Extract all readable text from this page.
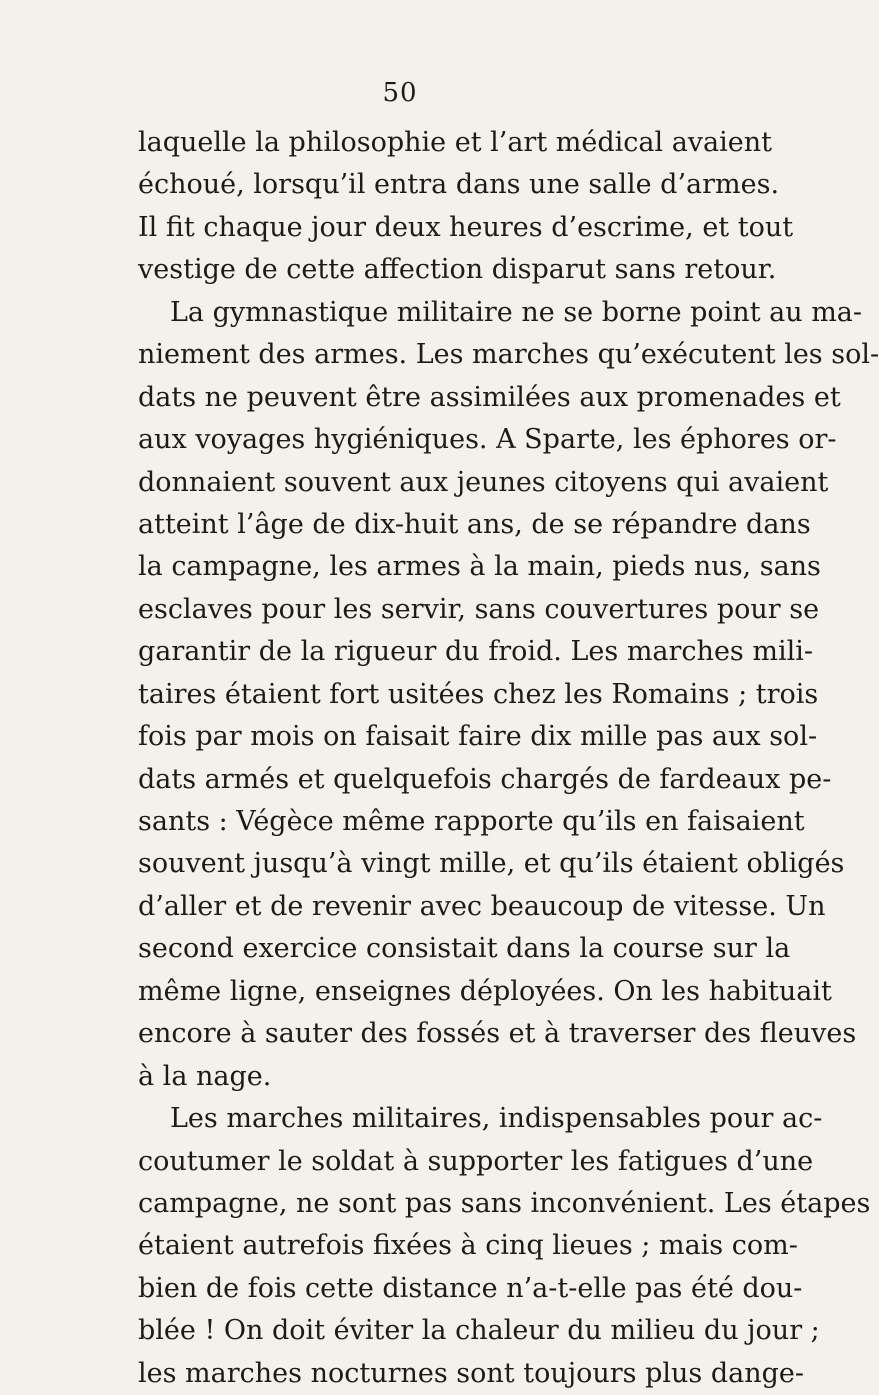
50
laquelle la philosophie et l’art médical avaient
échoué, lorsqu’il entra dans une salle d’armes.
Il fit chaque jour deux heures d’escrime, et tout
vestige de cette affection disparut sans retour.
La gymnastique militaire ne se borne point au ma-
niement des armes. Les marches qu’exécutent les sol-
dats ne peuvent être assimilées aux promenades et
aux voyages hygiéniques. A Sparte, les éphores or-
donnaient souvent aux jeunes citoyens qui avaient
atteint l’âge de dix-huit ans, de se répandre dans
la campagne, les armes à la main, pieds nus, sans
esclaves pour les servir, sans couvertures pour se
garantir de la rigueur du froid. Les marches mili-
taires étaient fort usitées chez les Romains ; trois
fois par mois on faisait faire dix mille pas aux sol-
dats armés et quelquefois chargés de fardeaux pe-
sants : Végèce même rapporte qu’ils en faisaient
souvent jusqu’à vingt mille, et qu’ils étaient obligés
d’aller et de revenir avec beaucoup de vitesse. Un
second exercice consistait dans la course sur la
même ligne, enseignes déployées. On les habituait
encore à sauter des fossés et à traverser des fleuves
à la nage.
Les marches militaires, indispensables pour ac-
coutumer le soldat à supporter les fatigues d’une
campagne, ne sont pas sans inconvénient. Les étapes
étaient autrefois fixées à cinq lieues ; mais com-
bien de fois cette distance n’a-t-elle pas été dou-
blée ! On doit éviter la chaleur du milieu du jour ;
les marches nocturnes sont toujours plus dange-
